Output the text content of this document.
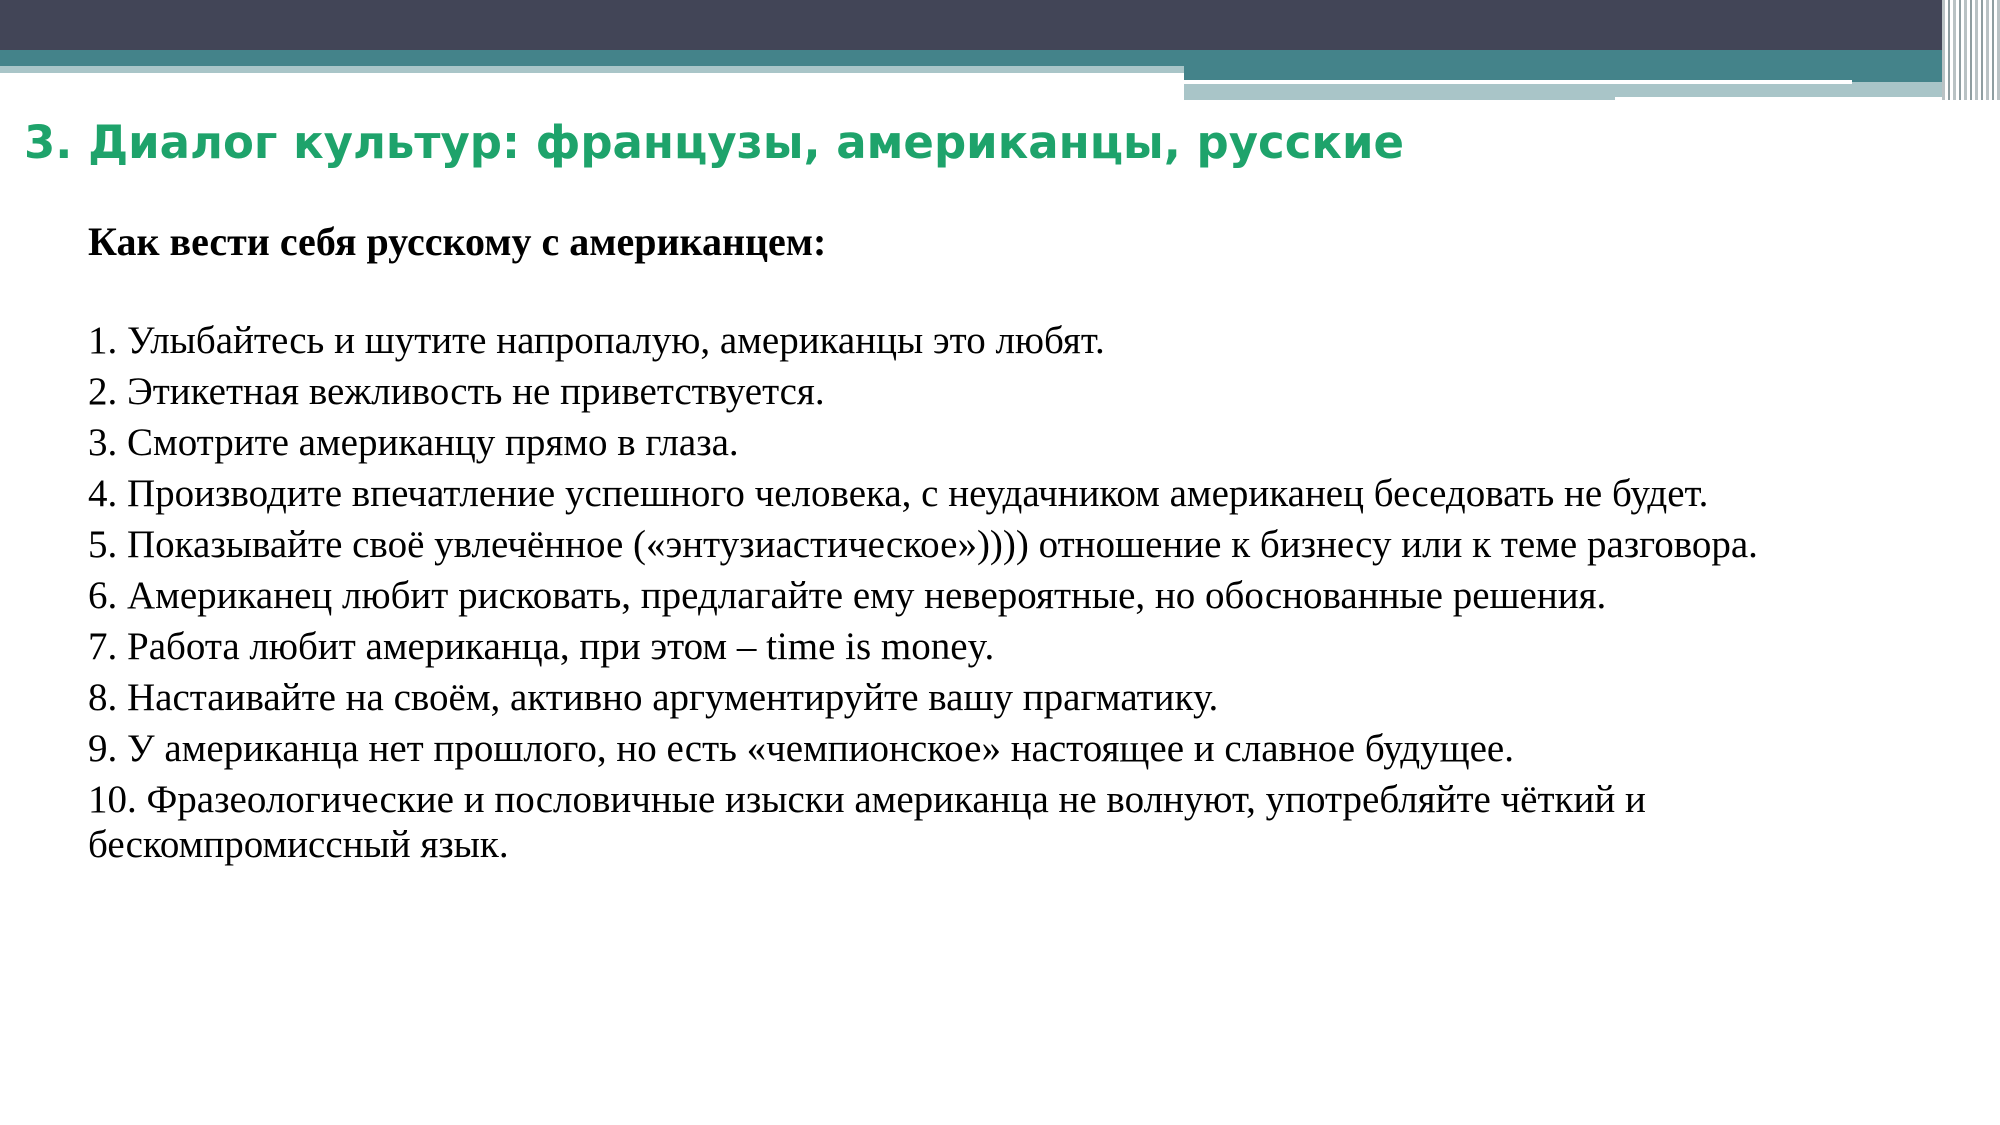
3. Диалог культур: французы, американцы, русские

Как вести себя русскому с американцем:

1. Улыбайтесь и шутите напропалую, американцы это любят.
2. Этикетная вежливость не приветствуется.
3. Смотрите американцу прямо в глаза.
4. Производите впечатление успешного человека, с неудачником американец беседовать не будет.
5. Показывайте своё увлечённое («энтузиастическое»)))) отношение к бизнесу или к теме разговора.
6. Американец любит рисковать, предлагайте ему невероятные, но обоснованные решения.
7. Работа любит американца, при этом – time is money.
8. Настаивайте на своём, активно аргументируйте вашу прагматику.
9. У американца нет прошлого, но есть «чемпионское» настоящее и славное будущее.
10. Фразеологические и пословичные изыски американца не волнуют, употребляйте чёткий и бескомпромиссный язык.
